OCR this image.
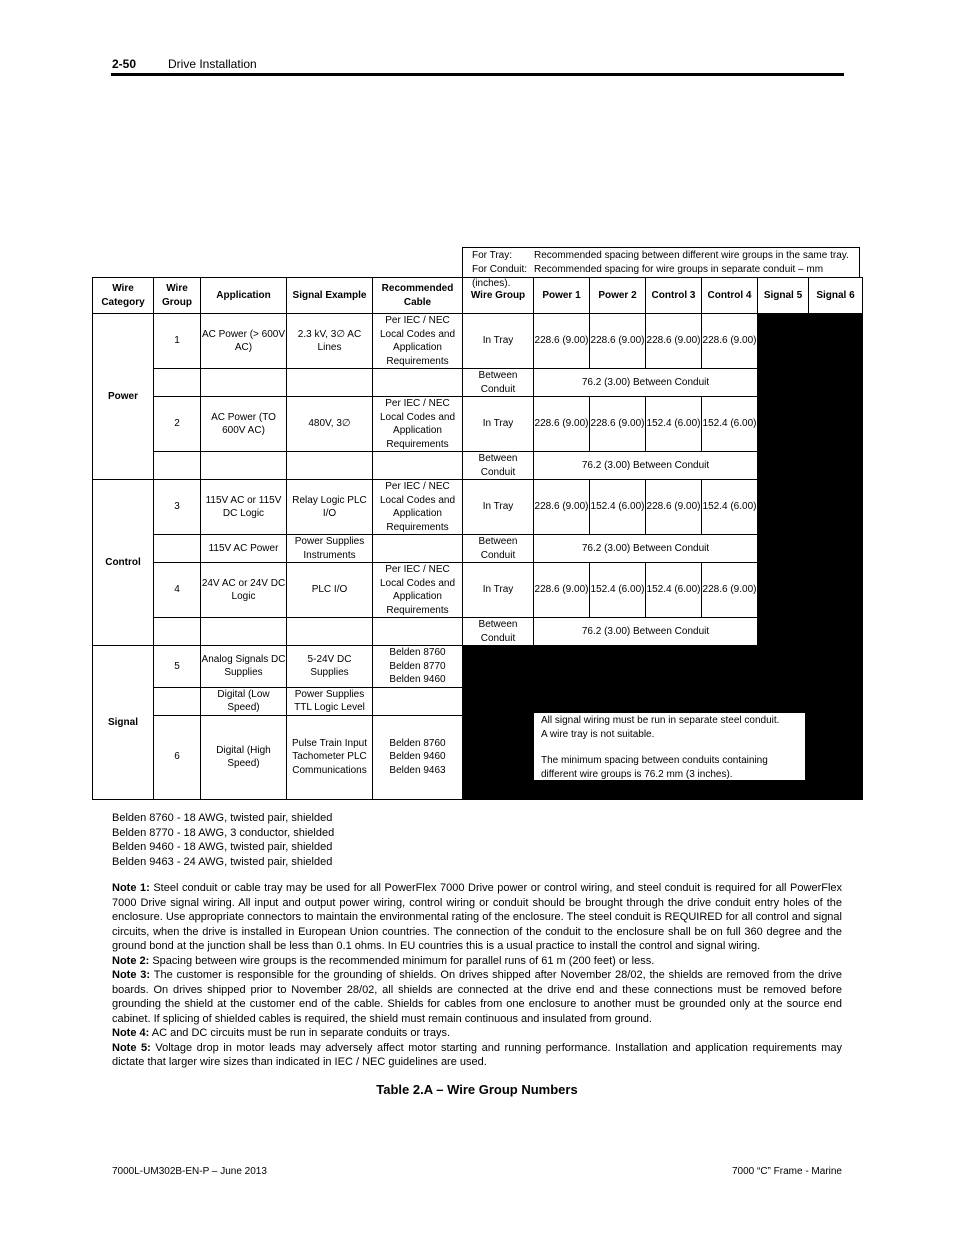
2-50	Drive Installation
For Tray: Recommended spacing between different wire groups in the same tray.
For Conduit: Recommended spacing for wire groups in separate conduit – mm (inches).
Wire Category	Wire Group	Application	Signal Example	Recommended Cable	Wire Group	Power 1	Power 2	Control 3	Control 4	Signal 5	Signal 6
Power	1	AC Power (> 600V AC)	2.3 kV, 3∅ AC Lines	Per IEC / NEC Local Codes and Application Requirements	In Tray	228.6 (9.00)	228.6 (9.00)	228.6 (9.00)	228.6 (9.00)		
					Between Conduit	76.2 (3.00) Between Conduit					
	2	AC Power (TO 600V AC)	480V, 3∅	Per IEC / NEC Local Codes and Application Requirements	In Tray	228.6 (9.00)	228.6 (9.00)	152.4 (6.00)	152.4 (6.00)		
					Between Conduit	76.2 (3.00) Between Conduit					
Control	3	115V AC or 115V DC Logic	Relay Logic PLC I/O	Per IEC / NEC Local Codes and Application Requirements	In Tray	228.6 (9.00)	152.4 (6.00)	228.6 (9.00)	152.4 (6.00)		
		115V AC Power	Power Supplies Instruments		Between Conduit	76.2 (3.00) Between Conduit					
	4	24V AC or 24V DC Logic	PLC I/O	Per IEC / NEC Local Codes and Application Requirements	In Tray	228.6 (9.00)	152.4 (6.00)	152.4 (6.00)	228.6 (9.00)		
					Between Conduit	76.2 (3.00) Between Conduit					
Signal	5	Analog Signals DC Supplies	5-24V DC Supplies	Belden 8760 Belden 8770 Belden 9460							
		Digital (Low Speed)	Power Supplies TTL Logic Level								
	6	Digital (High Speed)	Pulse Train Input Tachometer PLC Communications	Belden 8760 Belden 9460 Belden 9463							

All signal wiring must be run in separate steel conduit.

A wire tray is not suitable.

The minimum spacing between conduits containing different wire groups is 76.2 mm (3 inches).

Belden 8760 - 18 AWG, twisted pair, shielded
Belden 8770 - 18 AWG, 3 conductor, shielded
Belden 9460 - 18 AWG, twisted pair, shielded
Belden 9463 - 24 AWG, twisted pair, shielded

Note 1: Steel conduit or cable tray may be used for all PowerFlex 7000 Drive power or control wiring, and steel conduit is required for all PowerFlex 7000 Drive signal wiring. All input and output power wiring, control wiring or conduit should be brought through the drive conduit entry holes of the enclosure. Use appropriate connectors to maintain the environmental rating of the enclosure. The steel conduit is REQUIRED for all control and signal circuits, when the drive is installed in European Union countries. The connection of the conduit to the enclosure shall be on full 360 degree and the ground bond at the junction shall be less than 0.1 ohms. In EU countries this is a usual practice to install the control and signal wiring.

Note 2: Spacing between wire groups is the recommended minimum for parallel runs of 61 m (200 feet) or less.

Note 3: The customer is responsible for the grounding of shields. On drives shipped after November 28/02, the shields are removed from the drive boards. On drives shipped prior to November 28/02, all shields are connected at the drive end and these connections must be removed before grounding the shield at the customer end of the cable. Shields for cables from one enclosure to another must be grounded only at the source end cabinet. If splicing of shielded cables is required, the shield must remain continuous and insulated from ground.

Note 4: AC and DC circuits must be run in separate conduits or trays.

Note 5: Voltage drop in motor leads may adversely affect motor starting and running performance. Installation and application requirements may dictate that larger wire sizes than indicated in IEC / NEC guidelines are used.

Table 2.A – Wire Group Numbers
7000L-UM302B-EN-P – June 2013	7000 “C” Frame - Marine
